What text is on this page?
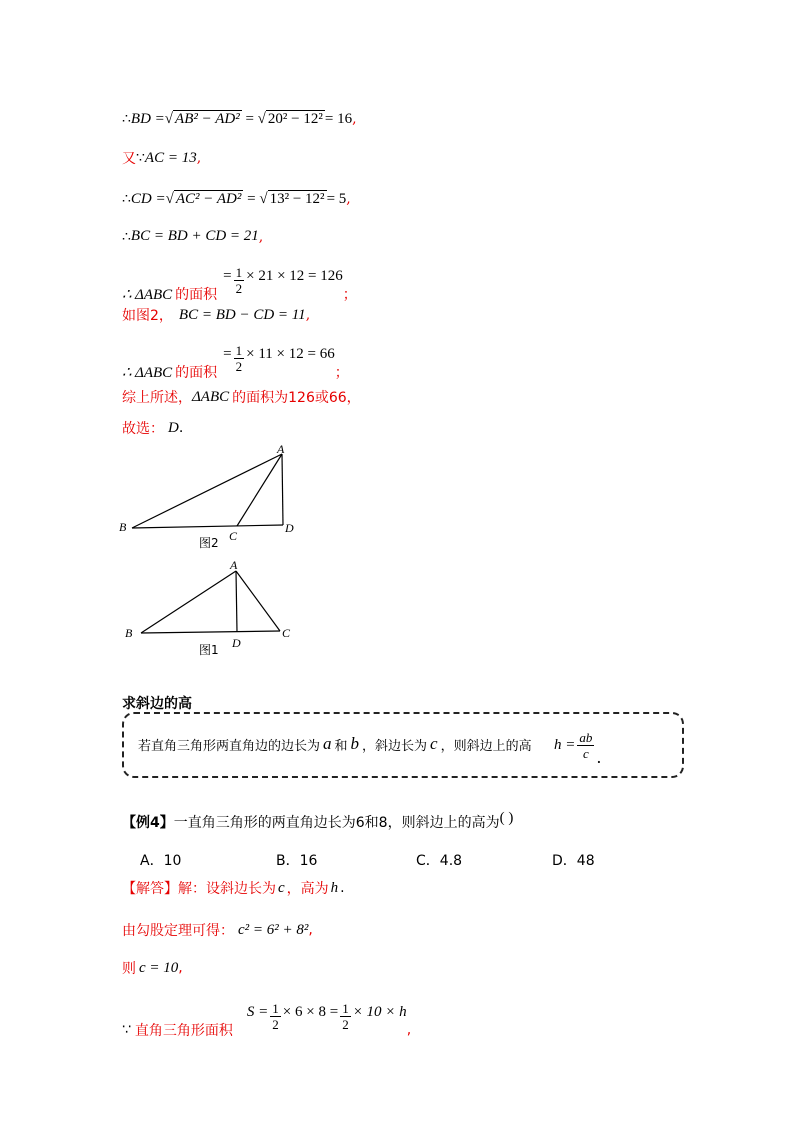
∴ BD = √ AB² − AD² = √ 20² − 12² = 16 ,
又 ∵ AC = 13 ,
∴ CD = √ AC² − AD² = √ 13² − 12² = 5 ,
∴ BC = BD + CD = 21 ,
∴ ΔABC 的面积
= $\frac{1}{2} \times 21 \times 12 = 126$
；
如图2， BC = BD − CD = 11 ,
∴ ΔABC 的面积
= $\frac{1}{2} \times 11 \times 12 = 66$
；
综上所述， ΔABC 的面积为126或66，
故选： D .
A
B
C
D
图2
A
B	C
D
图1
求斜边的高
若直角三角形两直角边的边长为 a 和 b ，斜边长为 c ，则斜边上的高 $h = \frac{ab}{c}$ .
【例4】 一直角三角形的两直角边长为6和8，则斜边上的高为 ( )
A．10	B．16	C．4.8	D．48
【解答】 解：设斜边长为 c ，高为 h .
由勾股定理可得： c² = 6² + 8² ,
则 c = 10 ,
∵ 直角三角形面积
$S = \frac{1}{2} \times 6 \times 8 = \frac{1}{2} \times 10 \times h$
,
